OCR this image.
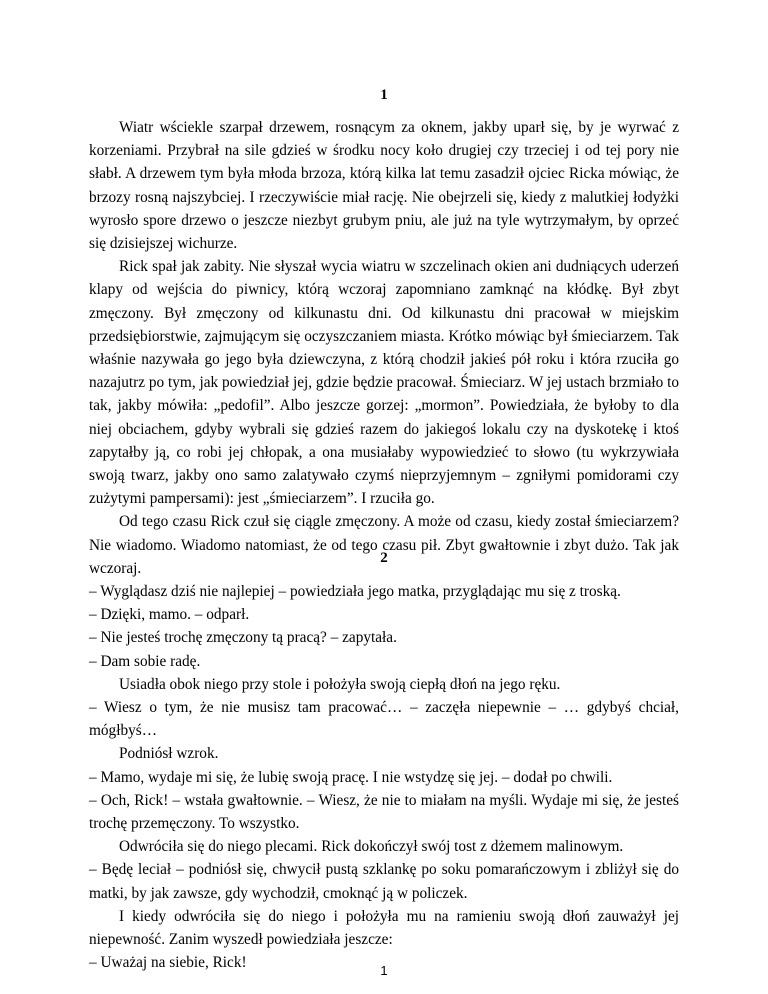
1

Wiatr wściekle szarpał drzewem, rosnącym za oknem, jakby uparł się, by je wyrwać z korzeniami. Przybrał na sile gdzieś w środku nocy koło drugiej czy trzeciej i od tej pory nie słabł. A drzewem tym była młoda brzoza, którą kilka lat temu zasadził ojciec Ricka mówiąc, że brzozy rosną najszybciej. I rzeczywiście miał rację. Nie obejrzeli się, kiedy z malutkiej łodyżki wyrosło spore drzewo o jeszcze niezbyt grubym pniu, ale już na tyle wytrzymałym, by oprzeć się dzisiejszej wichurze.

Rick spał jak zabity. Nie słyszał wycia wiatru w szczelinach okien ani dudniących uderzeń klapy od wejścia do piwnicy, którą wczoraj zapomniano zamknąć na kłódkę. Był zbyt zmęczony. Był zmęczony od kilkunastu dni. Od kilkunastu dni pracował w miejskim przedsiębiorstwie, zajmującym się oczyszczaniem miasta. Krótko mówiąc był śmieciarzem. Tak właśnie nazywała go jego była dziewczyna, z którą chodził jakieś pół roku i która rzuciła go nazajutrz po tym, jak powiedział jej, gdzie będzie pracował. Śmieciarz. W jej ustach brzmiało to tak, jakby mówiła: „pedofil”. Albo jeszcze gorzej: „mormon”. Powiedziała, że byłoby to dla niej obciachem, gdyby wybrali się gdzieś razem do jakiegoś lokalu czy na dyskotekę i ktoś zapytałby ją, co robi jej chłopak, a ona musiałaby wypowiedzieć to słowo (tu wykrzywiała swoją twarz, jakby ono samo zalatywało czymś nieprzyjemnym – zgniłymi pomidorami czy zużytymi pampersami): jest „śmieciarzem”. I rzuciła go.

Od tego czasu Rick czuł się ciągle zmęczony. A może od czasu, kiedy został śmieciarzem? Nie wiadomo. Wiadomo natomiast, że od tego czasu pił. Zbyt gwałtownie i zbyt dużo. Tak jak wczoraj.

2

– Wyglądasz dziś nie najlepiej – powiedziała jego matka, przyglądając mu się z troską.

– Dzięki, mamo. – odparł.

– Nie jesteś trochę zmęczony tą pracą? – zapytała.

– Dam sobie radę.

Usiadła obok niego przy stole i położyła swoją ciepłą dłoń na jego ręku.

– Wiesz o tym, że nie musisz tam pracować… – zaczęła niepewnie – … gdybyś chciał, mógłbyś…

Podniósł wzrok.

– Mamo, wydaje mi się, że lubię swoją pracę. I nie wstydzę się jej. – dodał po chwili.

– Och, Rick! – wstała gwałtownie. – Wiesz, że nie to miałam na myśli. Wydaje mi się, że jesteś trochę przemęczony. To wszystko.

Odwróciła się do niego plecami. Rick dokończył swój tost z dżemem malinowym.

– Będę leciał – podniósł się, chwycił pustą szklankę po soku pomarańczowym i zbliżył się do matki, by jak zawsze, gdy wychodził, cmoknąć ją w policzek.

I kiedy odwróciła się do niego i położyła mu na ramieniu swoją dłoń zauważył jej niepewność. Zanim wyszedł powiedziała jeszcze:

– Uważaj na siebie, Rick!	1
